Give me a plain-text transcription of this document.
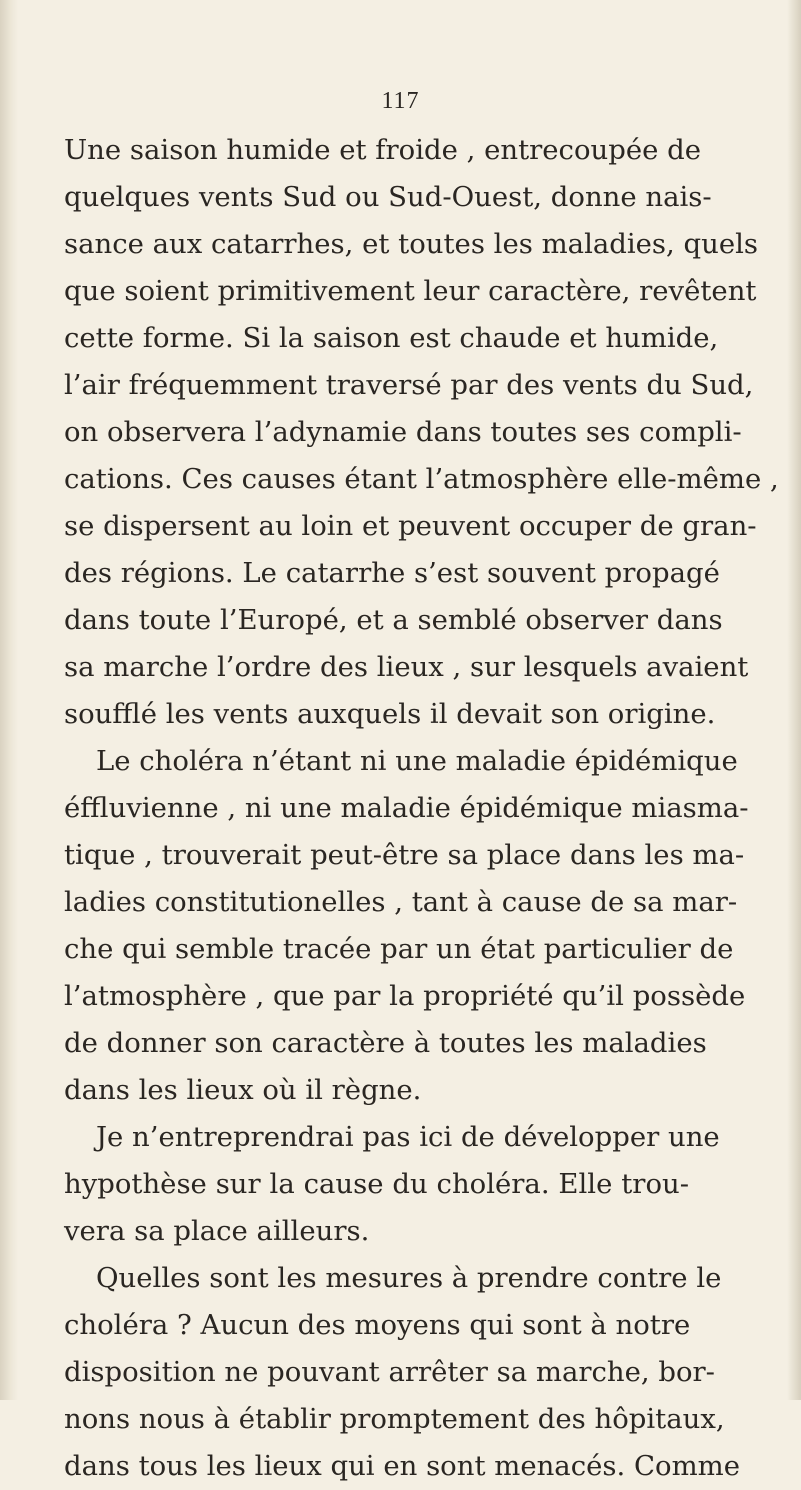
117
Une saison humide et froide , entrecoupée de
quelques vents Sud ou Sud-Ouest, donne nais-
sance aux catarrhes, et toutes les maladies, quels
que soient primitivement leur caractère, revêtent
cette forme. Si la saison est chaude et humide,
l’air fréquemment traversé par des vents du Sud,
on observera l’adynamie dans toutes ses compli-
cations. Ces causes étant l’atmosphère elle-même ,
se dispersent au loin et peuvent occuper de gran-
des régions. Le catarrhe s’est souvent propagé
dans toute l’Europé, et a semblé observer dans
sa marche l’ordre des lieux , sur lesquels avaient
soufflé les vents auxquels il devait son origine.
Le choléra n’étant ni une maladie épidémique
éffluvienne , ni une maladie épidémique miasma-
tique , trouverait peut-être sa place dans les ma-
ladies constitutionelles , tant à cause de sa mar-
che qui semble tracée par un état particulier de
l’atmosphère , que par la propriété qu’il possède
de donner son caractère à toutes les maladies
dans les lieux où il règne.
Je n’entreprendrai pas ici de développer une
hypothèse sur la cause du choléra. Elle trou-
vera sa place ailleurs.
Quelles sont les mesures à prendre contre le
choléra ? Aucun des moyens qui sont à notre
disposition ne pouvant arrêter sa marche, bor-
nons nous à établir promptement des hôpitaux,
dans tous les lieux qui en sont menacés. Comme
